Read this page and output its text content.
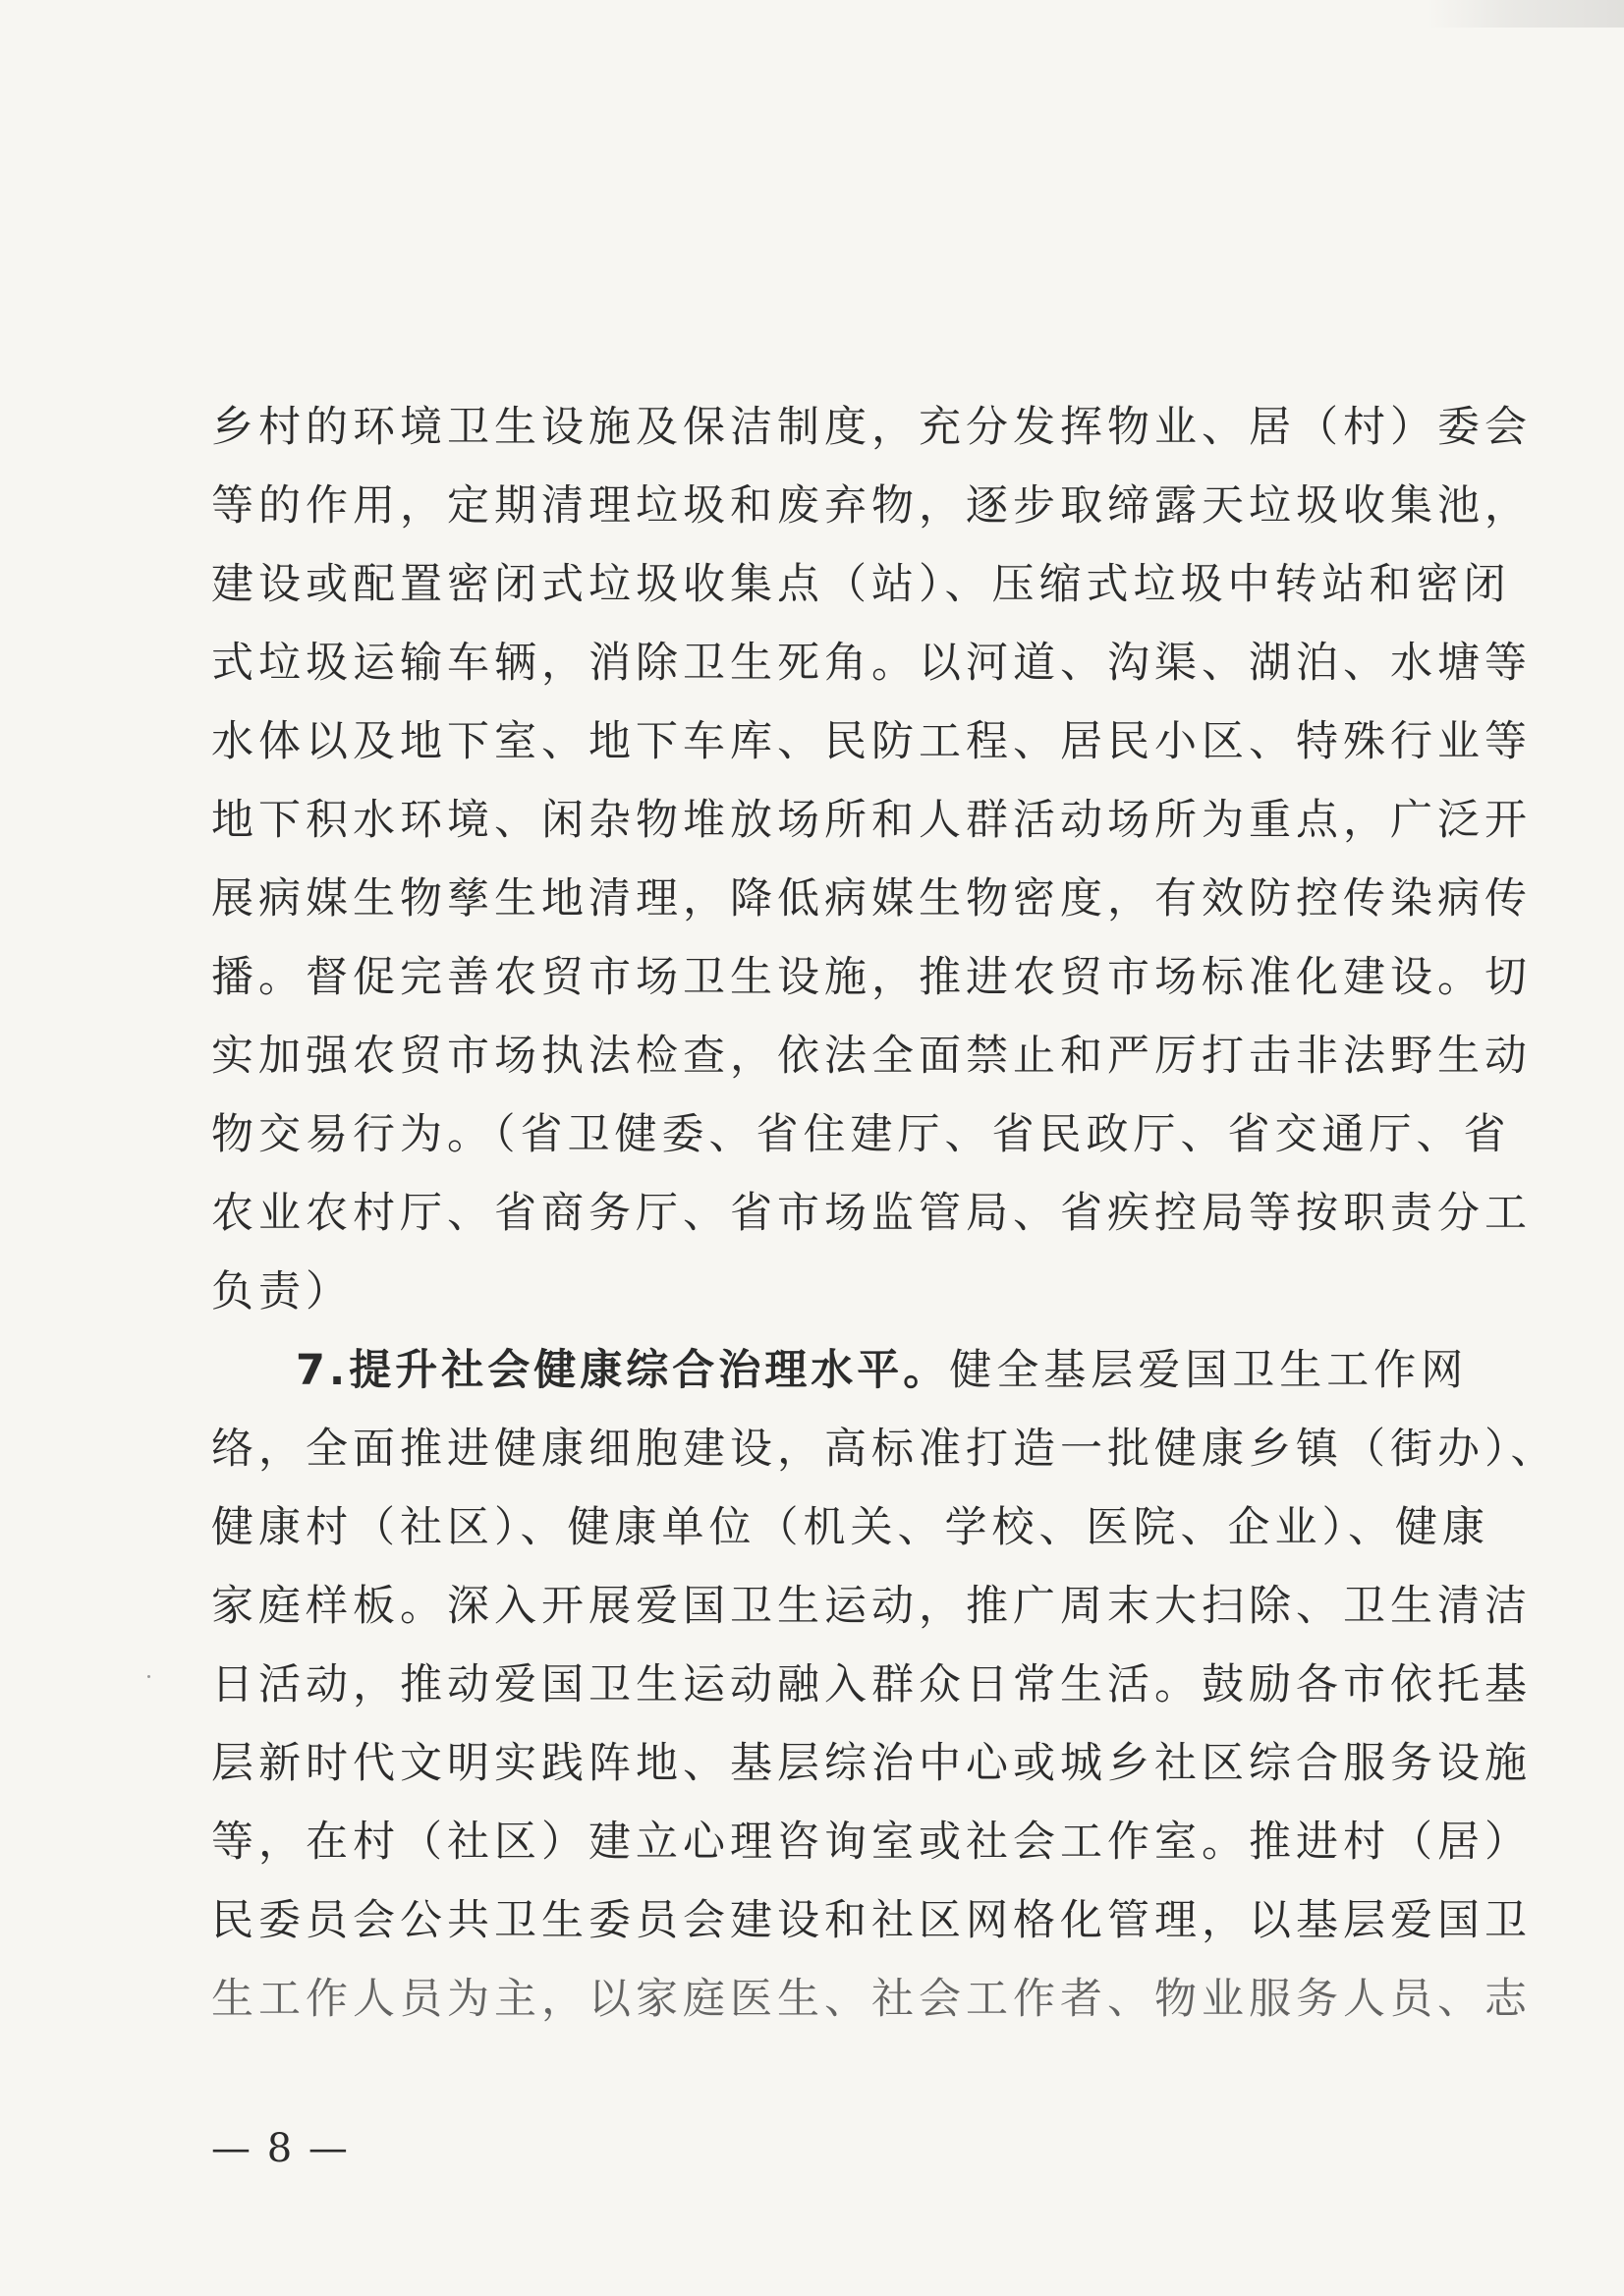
乡村的环境卫生设施及保洁制度，充分发挥物业、居（村）委会
等的作用，定期清理垃圾和废弃物，逐步取缔露天垃圾收集池，
建设或配置密闭式垃圾收集点（站）、压缩式垃圾中转站和密闭
式垃圾运输车辆，消除卫生死角。以河道、沟渠、湖泊、水塘等
水体以及地下室、地下车库、民防工程、居民小区、特殊行业等
地下积水环境、闲杂物堆放场所和人群活动场所为重点，广泛开
展病媒生物孳生地清理，降低病媒生物密度，有效防控传染病传
播。督促完善农贸市场卫生设施，推进农贸市场标准化建设。切
实加强农贸市场执法检查，依法全面禁止和严厉打击非法野生动
物交易行为。（省卫健委、省住建厅、省民政厅、省交通厅、省
农业农村厅、省商务厅、省市场监管局、省疾控局等按职责分工
负责）
7.提升社会健康综合治理水平。健全基层爱国卫生工作网
络，全面推进健康细胞建设，高标准打造一批健康乡镇（街办）、
健康村（社区）、健康单位（机关、学校、医院、企业）、健康
家庭样板。深入开展爱国卫生运动，推广周末大扫除、卫生清洁
日活动，推动爱国卫生运动融入群众日常生活。鼓励各市依托基
层新时代文明实践阵地、基层综治中心或城乡社区综合服务设施
等，在村（社区）建立心理咨询室或社会工作室。推进村（居）
民委员会公共卫生委员会建设和社区网格化管理，以基层爱国卫
生工作人员为主，以家庭医生、社会工作者、物业服务人员、志
— 8 —
